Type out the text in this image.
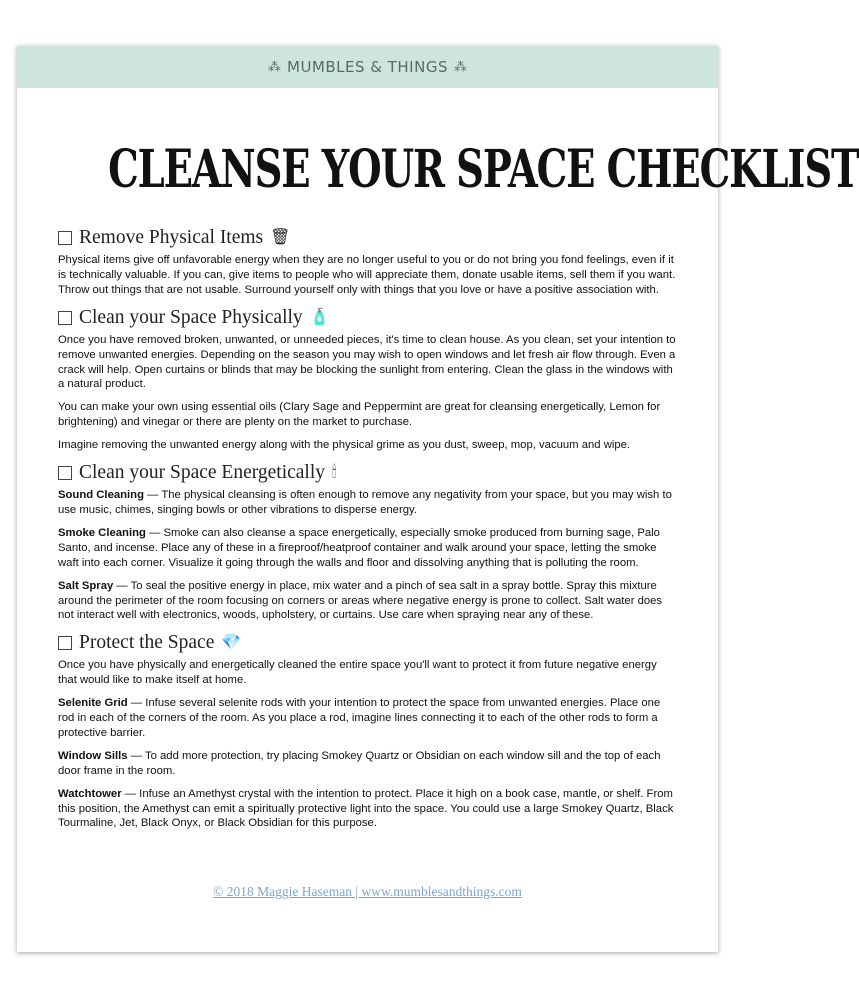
⁂ MUMBLES & THINGS ⁂
CLEANSE YOUR SPACE CHECKLIST
Remove Physical Items 🗑

Physical items give off unfavorable energy when they are no longer useful to you or do not bring you fond feelings, even if it is technically valuable. If you can, give items to people who will appreciate them, donate usable items, sell them if you want. Throw out things that are not usable. Surround yourself only with things that you love or have a positive association with.

Clean your Space Physically 🧴

Once you have removed broken, unwanted, or unneeded pieces, it's time to clean house. As you clean, set your intention to remove unwanted energies. Depending on the season you may wish to open windows and let fresh air flow through. Even a crack will help. Open curtains or blinds that may be blocking the sunlight from entering. Clean the glass in the windows with a natural product.

You can make your own using essential oils (Clary Sage and Peppermint are great for cleansing energetically, Lemon for brightening) and vinegar or there are plenty on the market to purchase.

Imagine removing the unwanted energy along with the physical grime as you dust, sweep, mop, vacuum and wipe.

Clean your Space Energetically 🕯

Sound Cleaning — The physical cleansing is often enough to remove any negativity from your space, but you may wish to use music, chimes, singing bowls or other vibrations to disperse energy.

Smoke Cleaning — Smoke can also cleanse a space energetically, especially smoke produced from burning sage, Palo Santo, and incense. Place any of these in a fireproof/heatproof container and walk around your space, letting the smoke waft into each corner. Visualize it going through the walls and floor and dissolving anything that is polluting the room.

Salt Spray — To seal the positive energy in place, mix water and a pinch of sea salt in a spray bottle. Spray this mixture around the perimeter of the room focusing on corners or areas where negative energy is prone to collect. Salt water does not interact well with electronics, woods, upholstery, or curtains. Use care when spraying near any of these.

Protect the Space 💎

Once you have physically and energetically cleaned the entire space you'll want to protect it from future negative energy that would like to make itself at home.

Selenite Grid — Infuse several selenite rods with your intention to protect the space from unwanted energies. Place one rod in each of the corners of the room. As you place a rod, imagine lines connecting it to each of the other rods to form a protective barrier.

Window Sills — To add more protection, try placing Smokey Quartz or Obsidian on each window sill and the top of each door frame in the room.

Watchtower — Infuse an Amethyst crystal with the intention to protect. Place it high on a book case, mantle, or shelf. From this position, the Amethyst can emit a spiritually protective light into the space. You could use a large Smokey Quartz, Black Tourmaline, Jet, Black Onyx, or Black Obsidian for this purpose.

© 2018 Maggie Haseman | www.mumblesandthings.com
